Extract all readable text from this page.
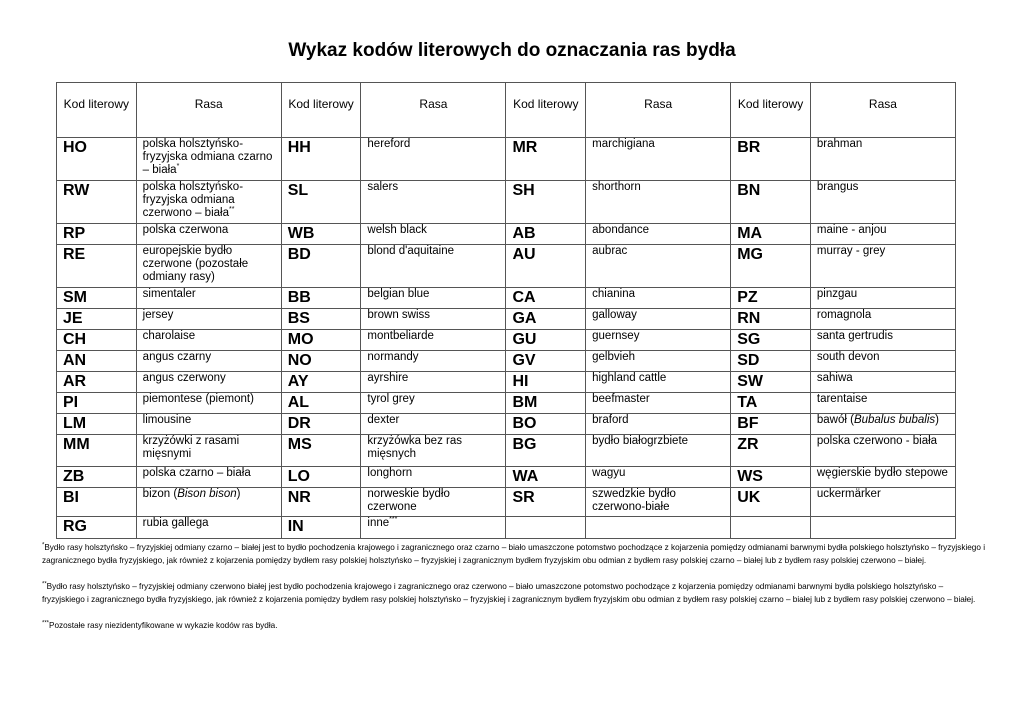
Wykaz kodów literowych do oznaczania ras bydła
Kod literowy	Rasa	Kod literowy	Rasa	Kod literowy	Rasa	Kod literowy	Rasa
HO	polska holsztyńsko-fryzyjska odmiana czarno – biała*	HH	hereford	MR	marchigiana	BR	brahman
RW	polska holsztyńsko-fryzyjska odmiana czerwono – biała**	SL	salers	SH	shorthorn	BN	brangus
RP	polska czerwona	WB	welsh black	AB	abondance	MA	maine - anjou
RE	europejskie bydło czerwone (pozostałe odmiany rasy)	BD	blond d'aquitaine	AU	aubrac	MG	murray - grey
SM	simentaler	BB	belgian blue	CA	chianina	PZ	pinzgau
JE	jersey	BS	brown swiss	GA	galloway	RN	romagnola
CH	charolaise	MO	montbeliarde	GU	guernsey	SG	santa gertrudis
AN	angus czarny	NO	normandy	GV	gelbvieh	SD	south devon
AR	angus czerwony	AY	ayrshire	HI	highland cattle	SW	sahiwa
PI	piemontese (piemont)	AL	tyrol grey	BM	beefmaster	TA	tarentaise
LM	limousine	DR	dexter	BO	braford	BF	bawół (Bubalus bubalis)
MM	krzyżówki z rasami mięsnymi	MS	krzyżówka bez ras mięsnych	BG	bydło białogrzbiete	ZR	polska czerwono - biała
ZB	polska czarno – biała	LO	longhorn	WA	wagyu	WS	węgierskie bydło stepowe
BI	bizon (Bison bison)	NR	norweskie bydło czerwone	SR	szwedzkie bydło czerwono-białe	UK	uckermärker
RG	rubia gallega	IN	inne***				

*Bydło rasy holsztyńsko – fryzyjskiej odmiany czarno – białej jest to bydło pochodzenia krajowego i zagranicznego oraz czarno – biało umaszczone potomstwo pochodzące z kojarzenia pomiędzy odmianami barwnymi bydła polskiego holsztyńsko – fryzyjskiego i zagranicznego bydła fryzyjskiego, jak również z kojarzenia pomiędzy bydłem rasy polskiej holsztyńsko – fryzyjskiej i zagranicznym bydłem fryzyjskim obu odmian z bydłem rasy polskiej czarno – białej lub z bydłem rasy polskiej czerwono – białej.

**Bydło rasy holsztyńsko – fryzyjskiej odmiany czerwono białej jest bydło pochodzenia krajowego i zagranicznego oraz czerwono – biało umaszczone potomstwo pochodzące z kojarzenia pomiędzy odmianami barwnymi bydła polskiego holsztyńsko – fryzyjskiego i zagranicznego bydła fryzyjskiego, jak również z kojarzenia pomiędzy bydłem rasy polskiej holsztyńsko – fryzyjskiej i zagranicznym bydłem fryzyjskim obu odmian z bydłem rasy polskiej czarno – białej lub z bydłem rasy polskiej czerwono – białej.

***Pozostałe rasy niezidentyfikowane w wykazie kodów ras bydła.
